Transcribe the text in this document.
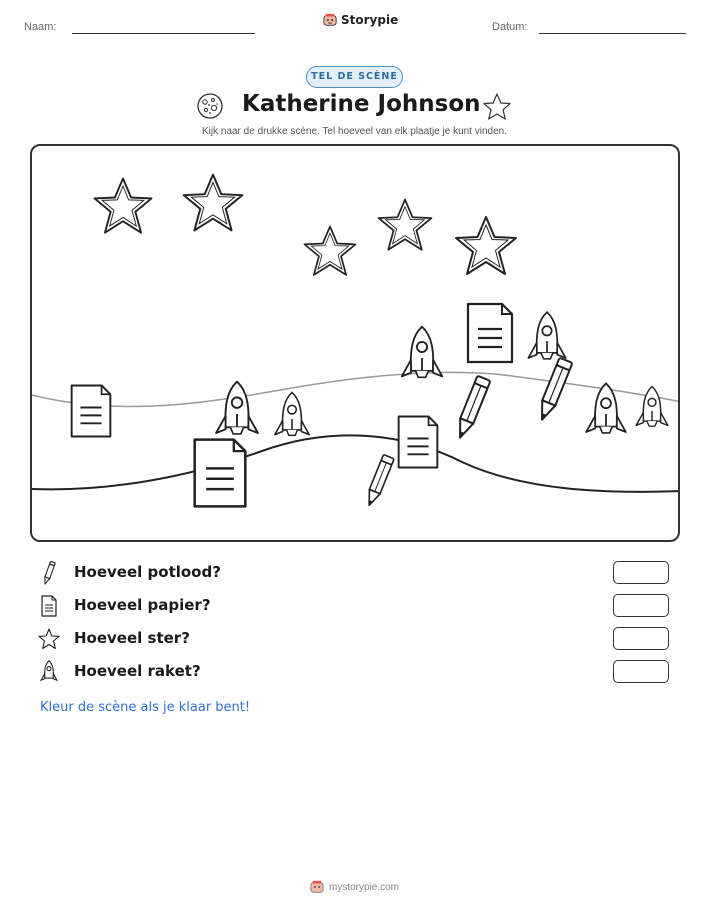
Naam:	Storypie	Datum:
TEL DE SCÈNE
Katherine Johnson
Kijk naar de drukke scène. Tel hoeveel van elk plaatje je kunt vinden.
Hoeveel potlood?
Hoeveel papier?
Hoeveel ster?
Hoeveel raket?
Kleur de scène als je klaar bent!
mystorypie.com
